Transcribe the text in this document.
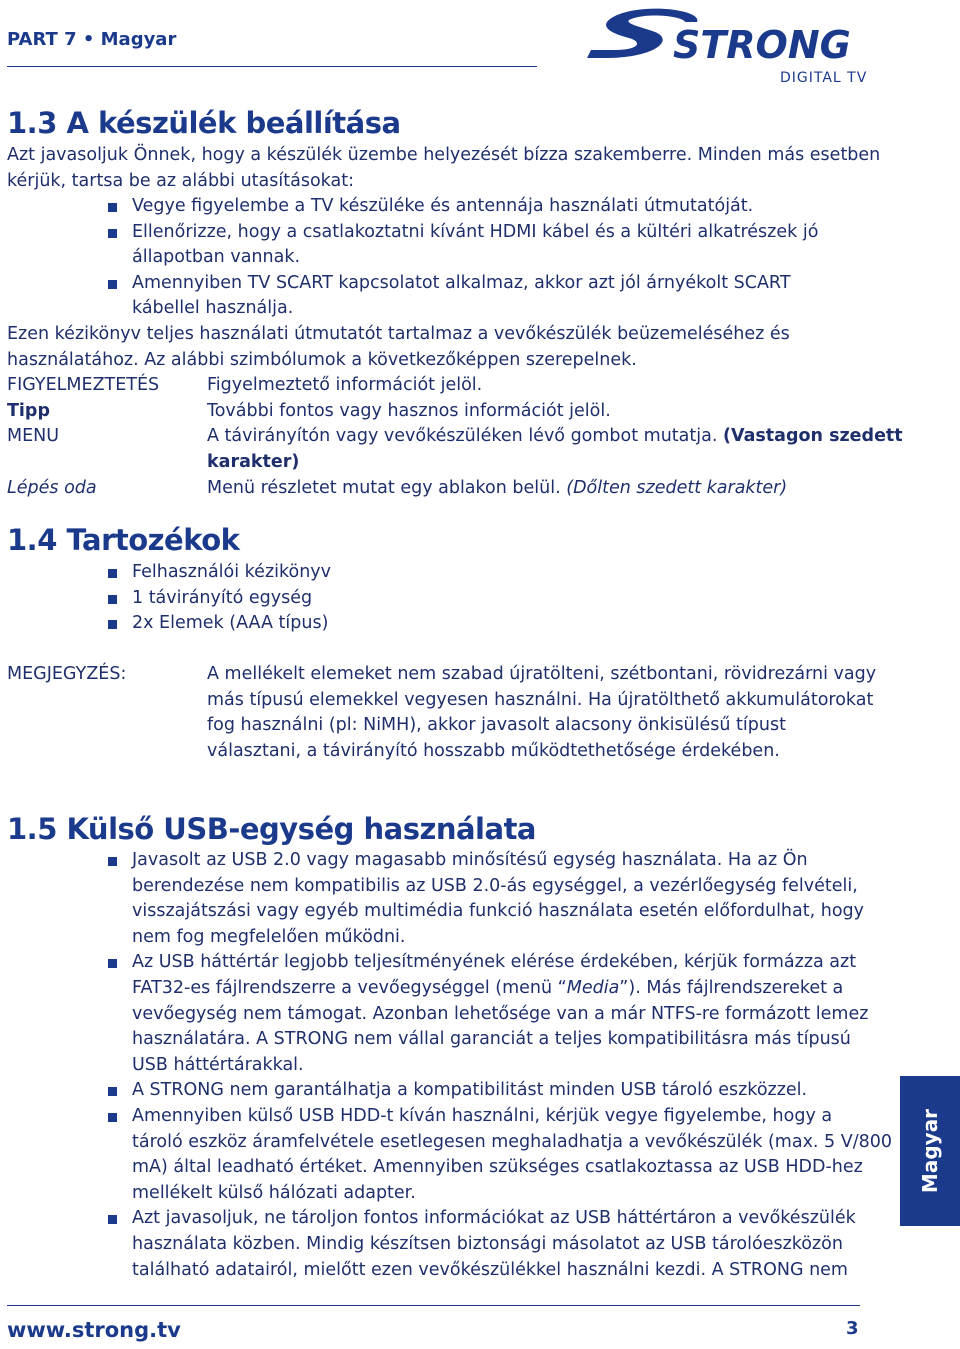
PART 7 • Magyar	STRONG
DIGITAL TV
1.3 A készülék beállítása
Azt javasoljuk Önnek, hogy a készülék üzembe helyezését bízza szakemberre. Minden más esetben
kérjük, tartsa be az alábbi utasításokat:
Vegye figyelembe a TV készüléke és antennája használati útmutatóját.
Ellenőrizze, hogy a csatlakoztatni kívánt HDMI kábel és a kültéri alkatrészek jó
állapotban vannak.
Amennyiben TV SCART kapcsolatot alkalmaz, akkor azt jól árnyékolt SCART
kábellel használja.
Ezen kézikönyv teljes használati útmutatót tartalmaz a vevőkészülék beüzemeléséhez és
használatához. Az alábbi szimbólumok a következőképpen szerepelnek.
FIGYELMEZTETÉS	Figyelmeztető információt jelöl.
Tipp	További fontos vagy hasznos információt jelöl.
MENU	A távirányítón vagy vevőkészüléken lévő gombot mutatja. (Vastagon szedett
karakter)
Lépés oda	Menü részletet mutat egy ablakon belül. (Dőlten szedett karakter)
1.4 Tartozékok
Felhasználói kézikönyv
1 távirányító egység
2x Elemek (AAA típus)
MEGJEGYZÉS:	A mellékelt elemeket nem szabad újratölteni, szétbontani, rövidrezárni vagy
más típusú elemekkel vegyesen használni. Ha újratölthető akkumulátorokat
fog használni (pl: NiMH), akkor javasolt alacsony önkisülésű típust
választani, a távirányító hosszabb működtethetősége érdekében.
1.5 Külső USB-egység használata
Javasolt az USB 2.0 vagy magasabb minősítésű egység használata. Ha az Ön
berendezése nem kompatibilis az USB 2.0-ás egységgel, a vezérlőegység felvételi,
visszajátszási vagy egyéb multimédia funkció használata esetén előfordulhat, hogy
nem fog megfelelően működni.
Az USB háttértár legjobb teljesítményének elérése érdekében, kérjük formázza azt
FAT32-es fájlrendszerre a vevőegységgel (menü “Media”). Más fájlrendszereket a
vevőegység nem támogat. Azonban lehetősége van a már NTFS-re formázott lemez
használatára. A STRONG nem vállal garanciát a teljes kompatibilitásra más típusú
USB háttértárakkal.
A STRONG nem garantálhatja a kompatibilitást minden USB tároló eszközzel.
Amennyiben külső USB HDD-t kíván használni, kérjük vegye figyelembe, hogy a
tároló eszköz áramfelvétele esetlegesen meghaladhatja a vevőkészülék (max. 5 V/800
mA) által leadható értéket. Amennyiben szükséges csatlakoztassa az USB HDD-hez
mellékelt külső hálózati adapter.
Azt javasoljuk, ne tároljon fontos információkat az USB háttértáron a vevőkészülék
használata közben. Mindig készítsen biztonsági másolatot az USB tárolóeszközön
található adatairól, mielőtt ezen vevőkészülékkel használni kezdi. A STRONG nem
Magyar
www.strong.tv	3
